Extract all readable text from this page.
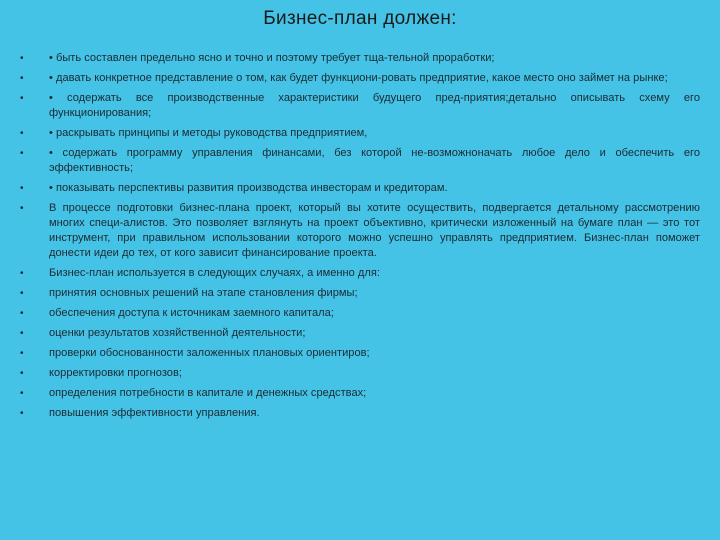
Бизнес-план должен:
•	• быть составлен предельно ясно и точно и поэтому требует тща-тельной проработки;
•	• давать конкретное представление о том, как будет функциони-ровать предприятие, какое место оно займет на рынке;
•	• содержать все производственные характеристики будущего пред-приятия;детально описывать схему его функционирования;
•	• раскрывать принципы и методы руководства предприятием,
•	• содержать программу управления финансами, без которой не-возможноначать любое дело и обеспечить его эффективность;
•	• показывать перспективы развития производства инвесторам и кредиторам.
•	В процессе подготовки бизнес-плана проект, который вы хотите осуществить, подвергается детальному рассмотрению многих специ-алистов. Это позволяет взглянуть на проект объективно, критически изложенный на бумаге план — это тот инструмент, при правильном использовании которого можно успешно управлять предприятием. Бизнес-план поможет донести идеи до тех, от кого зависит финансирование проекта.
•	Бизнес-план используется в следующих случаях, а именно для:
•	принятия основных решений на этапе становления фирмы;
•	обеспечения доступа к источникам заемного капитала;
•	оценки результатов хозяйственной деятельности;
•	проверки обоснованности заложенных плановых ориентиров;
•	корректировки прогнозов;
•	определения потребности в капитале и денежных средствах;
•	повышения эффективности управления.
